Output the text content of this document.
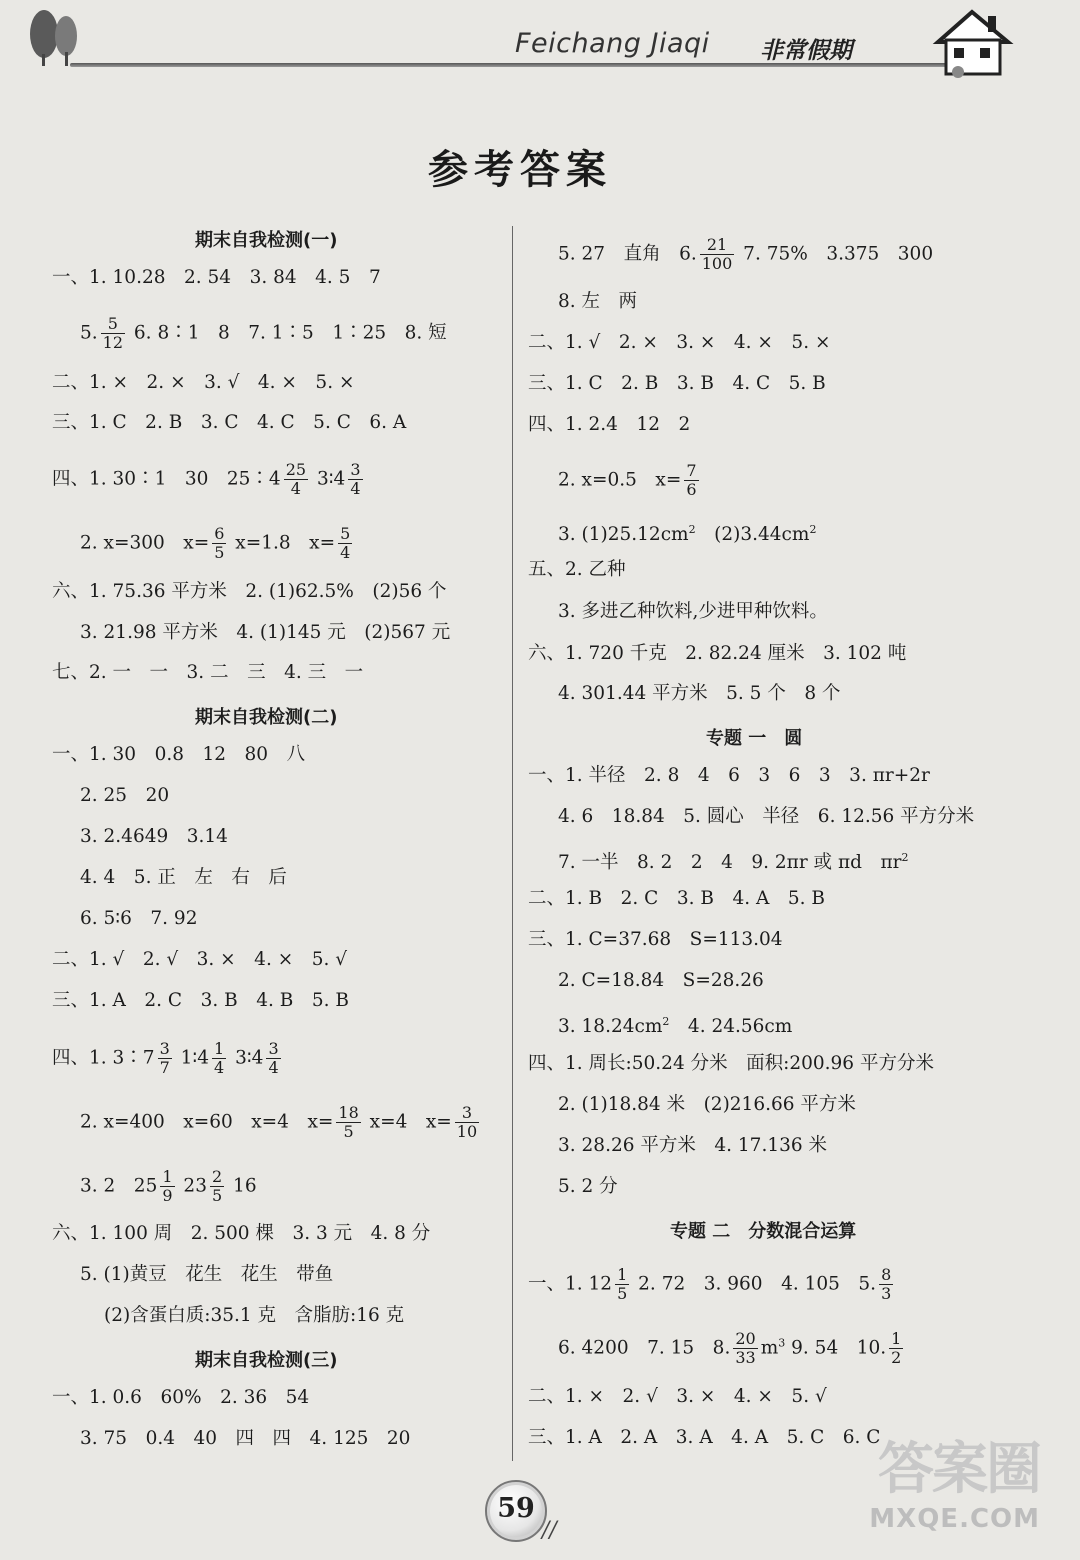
Feichang Jiaqi 非常假期
参考答案
期末自我检测(一)
一、1. 10.28　2. 54　3. 84　4. 5　7
5. $\frac{5}{12} 6$. 8∶1　8　7. 1∶5　1∶25　8. 短
二、1. ×　2. ×　3. √　4. ×　5. ×
三、1. C　2. B　3. C　4. C　5. C　6. A
四、1. 30∶1　30　25∶4 $\frac{25}{4}$ 3∶4 $\frac{3}{4}$
2. x=300　$x= \frac{6}{5} x=1.8$　$x= \frac{5}{4}$
六、1. 75.36 平方米　2. (1)62.5%　(2)56 个
3. 21.98 平方米　4. (1)145 元　(2)567 元
七、2. 一　一　3. 二　三　4. 三　一
期末自我检测(二)
一、1. 30　0.8　12　80　八
2. 25　20
3. 2.4649　3.14
4. 4　5. 正　左　右　后
6. 5∶6　7. 92
二、1. √　2. √　3. ×　4. ×　5. √
三、1. A　2. C　3. B　4. B　5. B
四、1. 3∶7 $\frac{3}{7}$ 1∶4 $\frac{1}{4}$ 3∶4 $\frac{3}{4}$
2. x=400　x=60　x=4　$x= \frac{18}{5} x=4$　$x= \frac{3}{10}$
3. 2　$25 \frac{1}{9} 23 \frac{2}{5} 16$
六、1. 100 周　2. 500 棵　3. 3 元　4. 8 分
5. (1)黄豆　花生　花生　带鱼
(2)含蛋白质:35.1 克　含脂肪:16 克
期末自我检测(三)
一、1. 0.6　60%　2. 36　54
3. 75　0.4　40　四　四　4. 125　20
5. 27　直角　6. $\frac{21}{100} 7$. 75%　3.375　300
8. 左　两
二、1. √　2. ×　3. ×　4. ×　5. ×
三、1. C　2. B　3. B　4. C　5. B
四、1. 2.4　12　2
2. x=0.5　$x= \frac{7}{6}$
3. $(1)25.12cm^2$　 $(2)3.44cm^2$
五、2. 乙种
3. 多进乙种饮料,少进甲种饮料。
六、1. 720 千克　2. 82.24 厘米　3. 102 吨
4. 301.44 平方米　5. 5 个　8 个
专题 一　圆
一、1. 半径　2. 8　4　6　3　6　3　3. πr+2r
4. 6　18.84　5. 圆心　半径　6. 12.56 平方分米
7. 一半　8. 2　2　4　9. 2πr 或 πd　$\pi r^2$
二、1. B　2. C　3. B　4. A　5. B
三、1. C=37.68　S=113.04
2. C=18.84　S=28.26
3. $18.24cm^2$　 4. 24.56cm
四、1. 周长:50.24 分米　面积:200.96 平方分米
2. (1)18.84 米　(2)216.66 平方米
3. 28.26 平方米　4. 17.136 米
5. 2 分
专题 二　分数混合运算
一、1. $12 \frac{1}{5} 2$. 72　3. 960　4. 105　5. $\frac{8}{3}$
6. 4200　7. 15　8. $\frac{20}{33} m^3$ 9. 54　10. $\frac{1}{2}$
二、1. ×　2. √　3. ×　4. ×　5. √
三、1. A　2. A　3. A　4. A　5. C　6. C
59
//
答案圈
MXQE.COM
